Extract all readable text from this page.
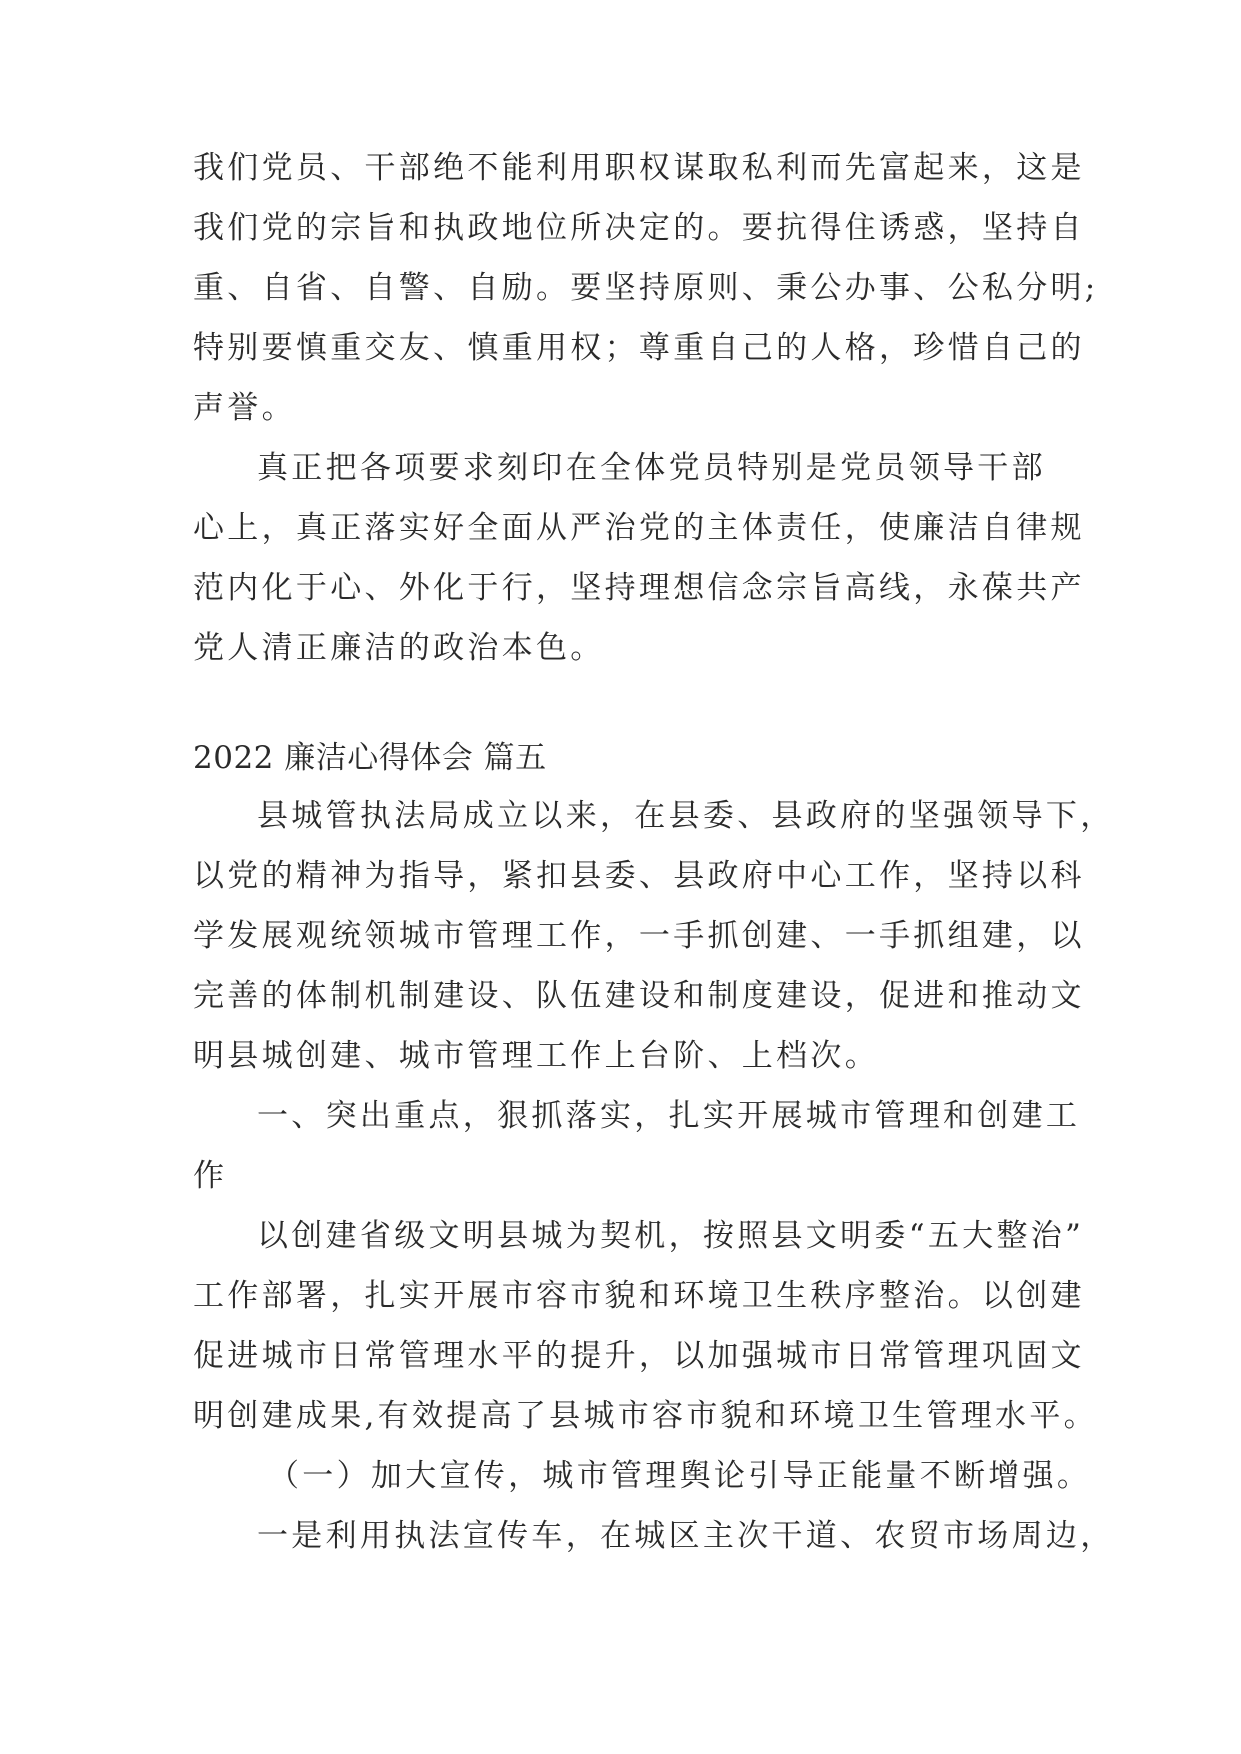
我们党员、干部绝不能利用职权谋取私利而先富起来，这是
我们党的宗旨和执政地位所决定的。要抗得住诱惑，坚持自
重、自省、自警、自励。要坚持原则、秉公办事、公私分明;
特别要慎重交友、慎重用权；尊重自己的人格，珍惜自己的
声誉。
真正把各项要求刻印在全体党员特别是党员领导干部
心上，真正落实好全面从严治党的主体责任，使廉洁自律规
范内化于心、外化于行，坚持理想信念宗旨高线，永葆共产
党人清正廉洁的政治本色。
2022 廉洁心得体会 篇五
县城管执法局成立以来，在县委、县政府的坚强领导下，
以党的精神为指导，紧扣县委、县政府中心工作，坚持以科
学发展观统领城市管理工作，一手抓创建、一手抓组建，以
完善的体制机制建设、队伍建设和制度建设，促进和推动文
明县城创建、城市管理工作上台阶、上档次。
一、突出重点，狠抓落实，扎实开展城市管理和创建工
作
以创建省级文明县城为契机，按照县文明委“五大整治”
工作部署，扎实开展市容市貌和环境卫生秩序整治。以创建
促进城市日常管理水平的提升，以加强城市日常管理巩固文
明创建成果,有效提高了县城市容市貌和环境卫生管理水平。
（一）加大宣传，城市管理舆论引导正能量不断增强。
一是利用执法宣传车，在城区主次干道、农贸市场周边，
